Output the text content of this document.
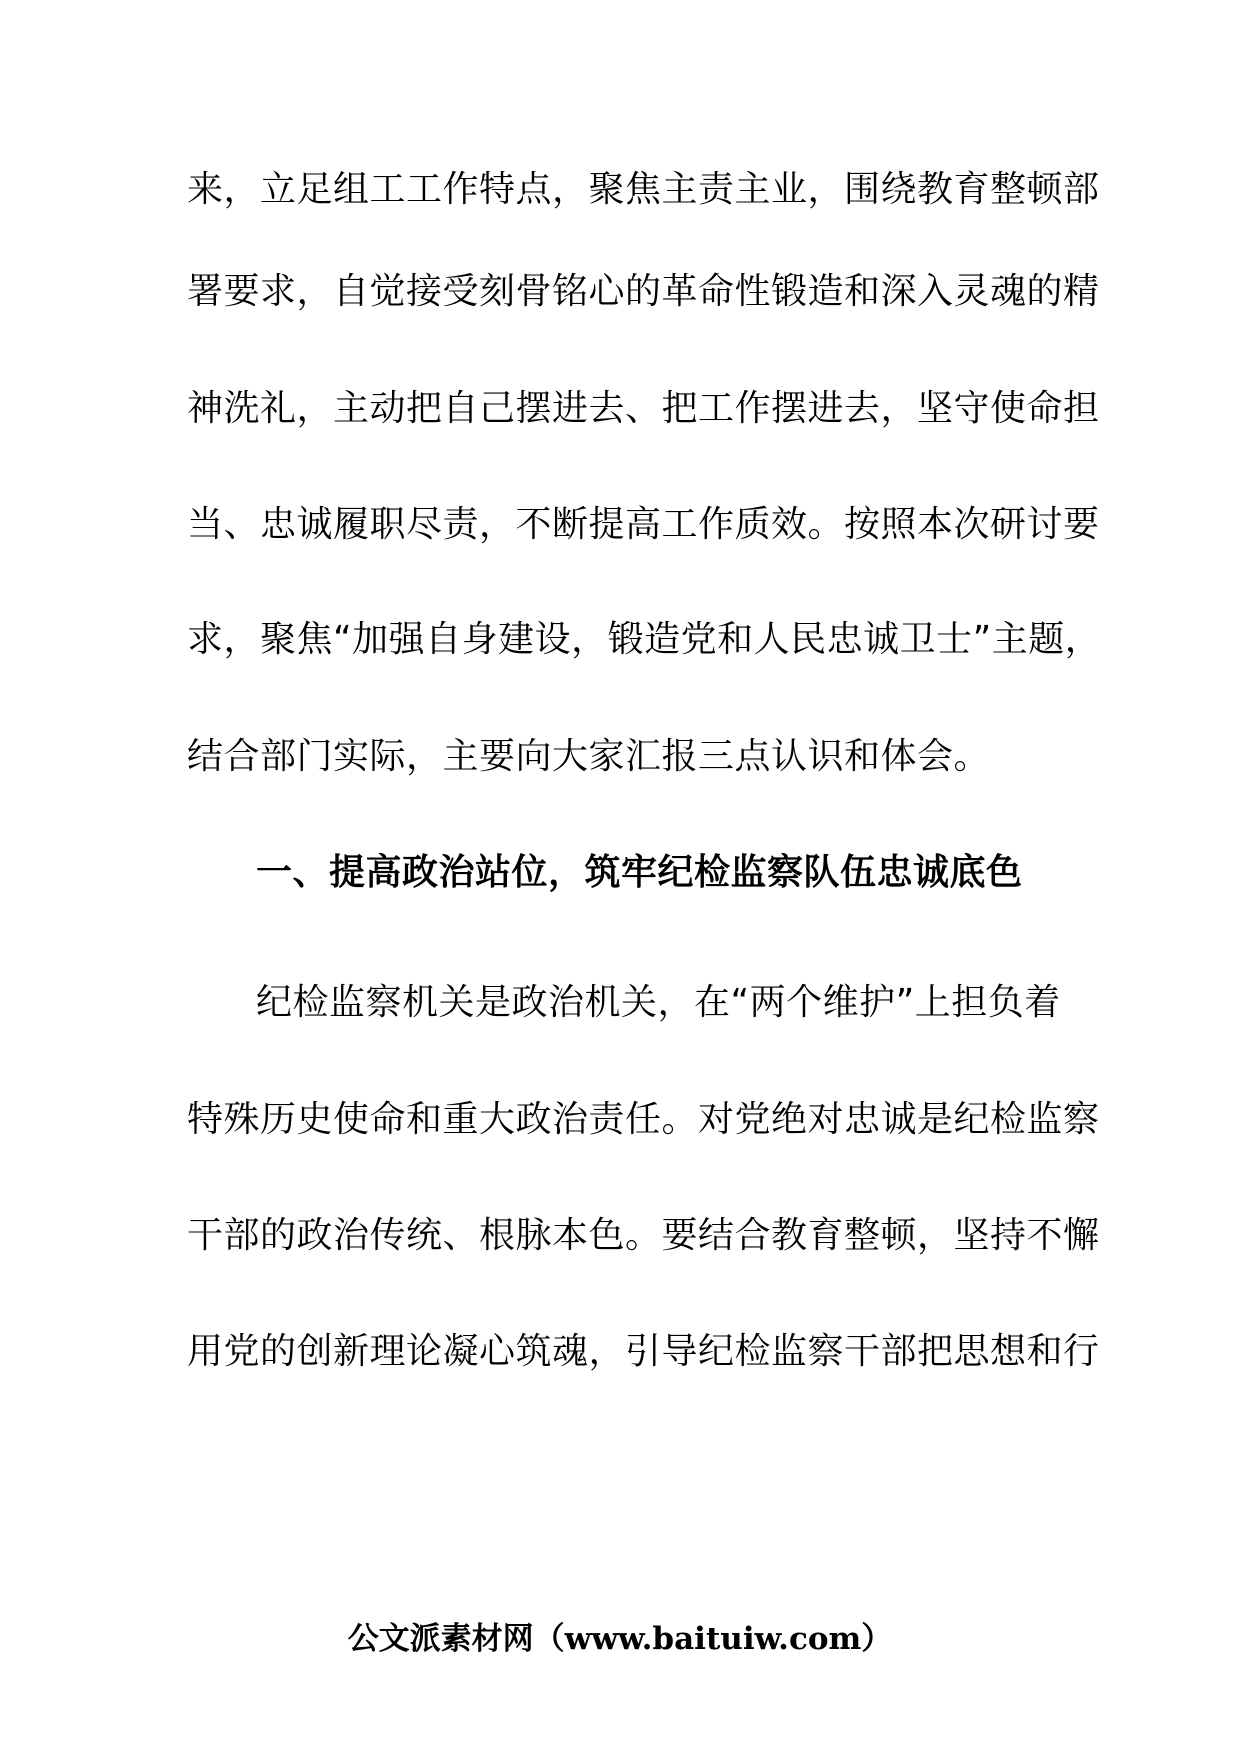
来，立足组工工作特点，聚焦主责主业，围绕教育整顿部
署要求，自觉接受刻骨铭心的革命性锻造和深入灵魂的精
神洗礼，主动把自己摆进去、把工作摆进去，坚守使命担
当、忠诚履职尽责，不断提高工作质效。按照本次研讨要
求，聚焦“加强自身建设，锻造党和人民忠诚卫士”主题，
结合部门实际，主要向大家汇报三点认识和体会。
一、提高政治站位，筑牢纪检监察队伍忠诚底色
纪检监察机关是政治机关，在“两个维护”上担负着
特殊历史使命和重大政治责任。对党绝对忠诚是纪检监察
干部的政治传统、根脉本色。要结合教育整顿，坚持不懈
用党的创新理论凝心筑魂，引导纪检监察干部把思想和行
公文派素材网（www.baituiw.com）
